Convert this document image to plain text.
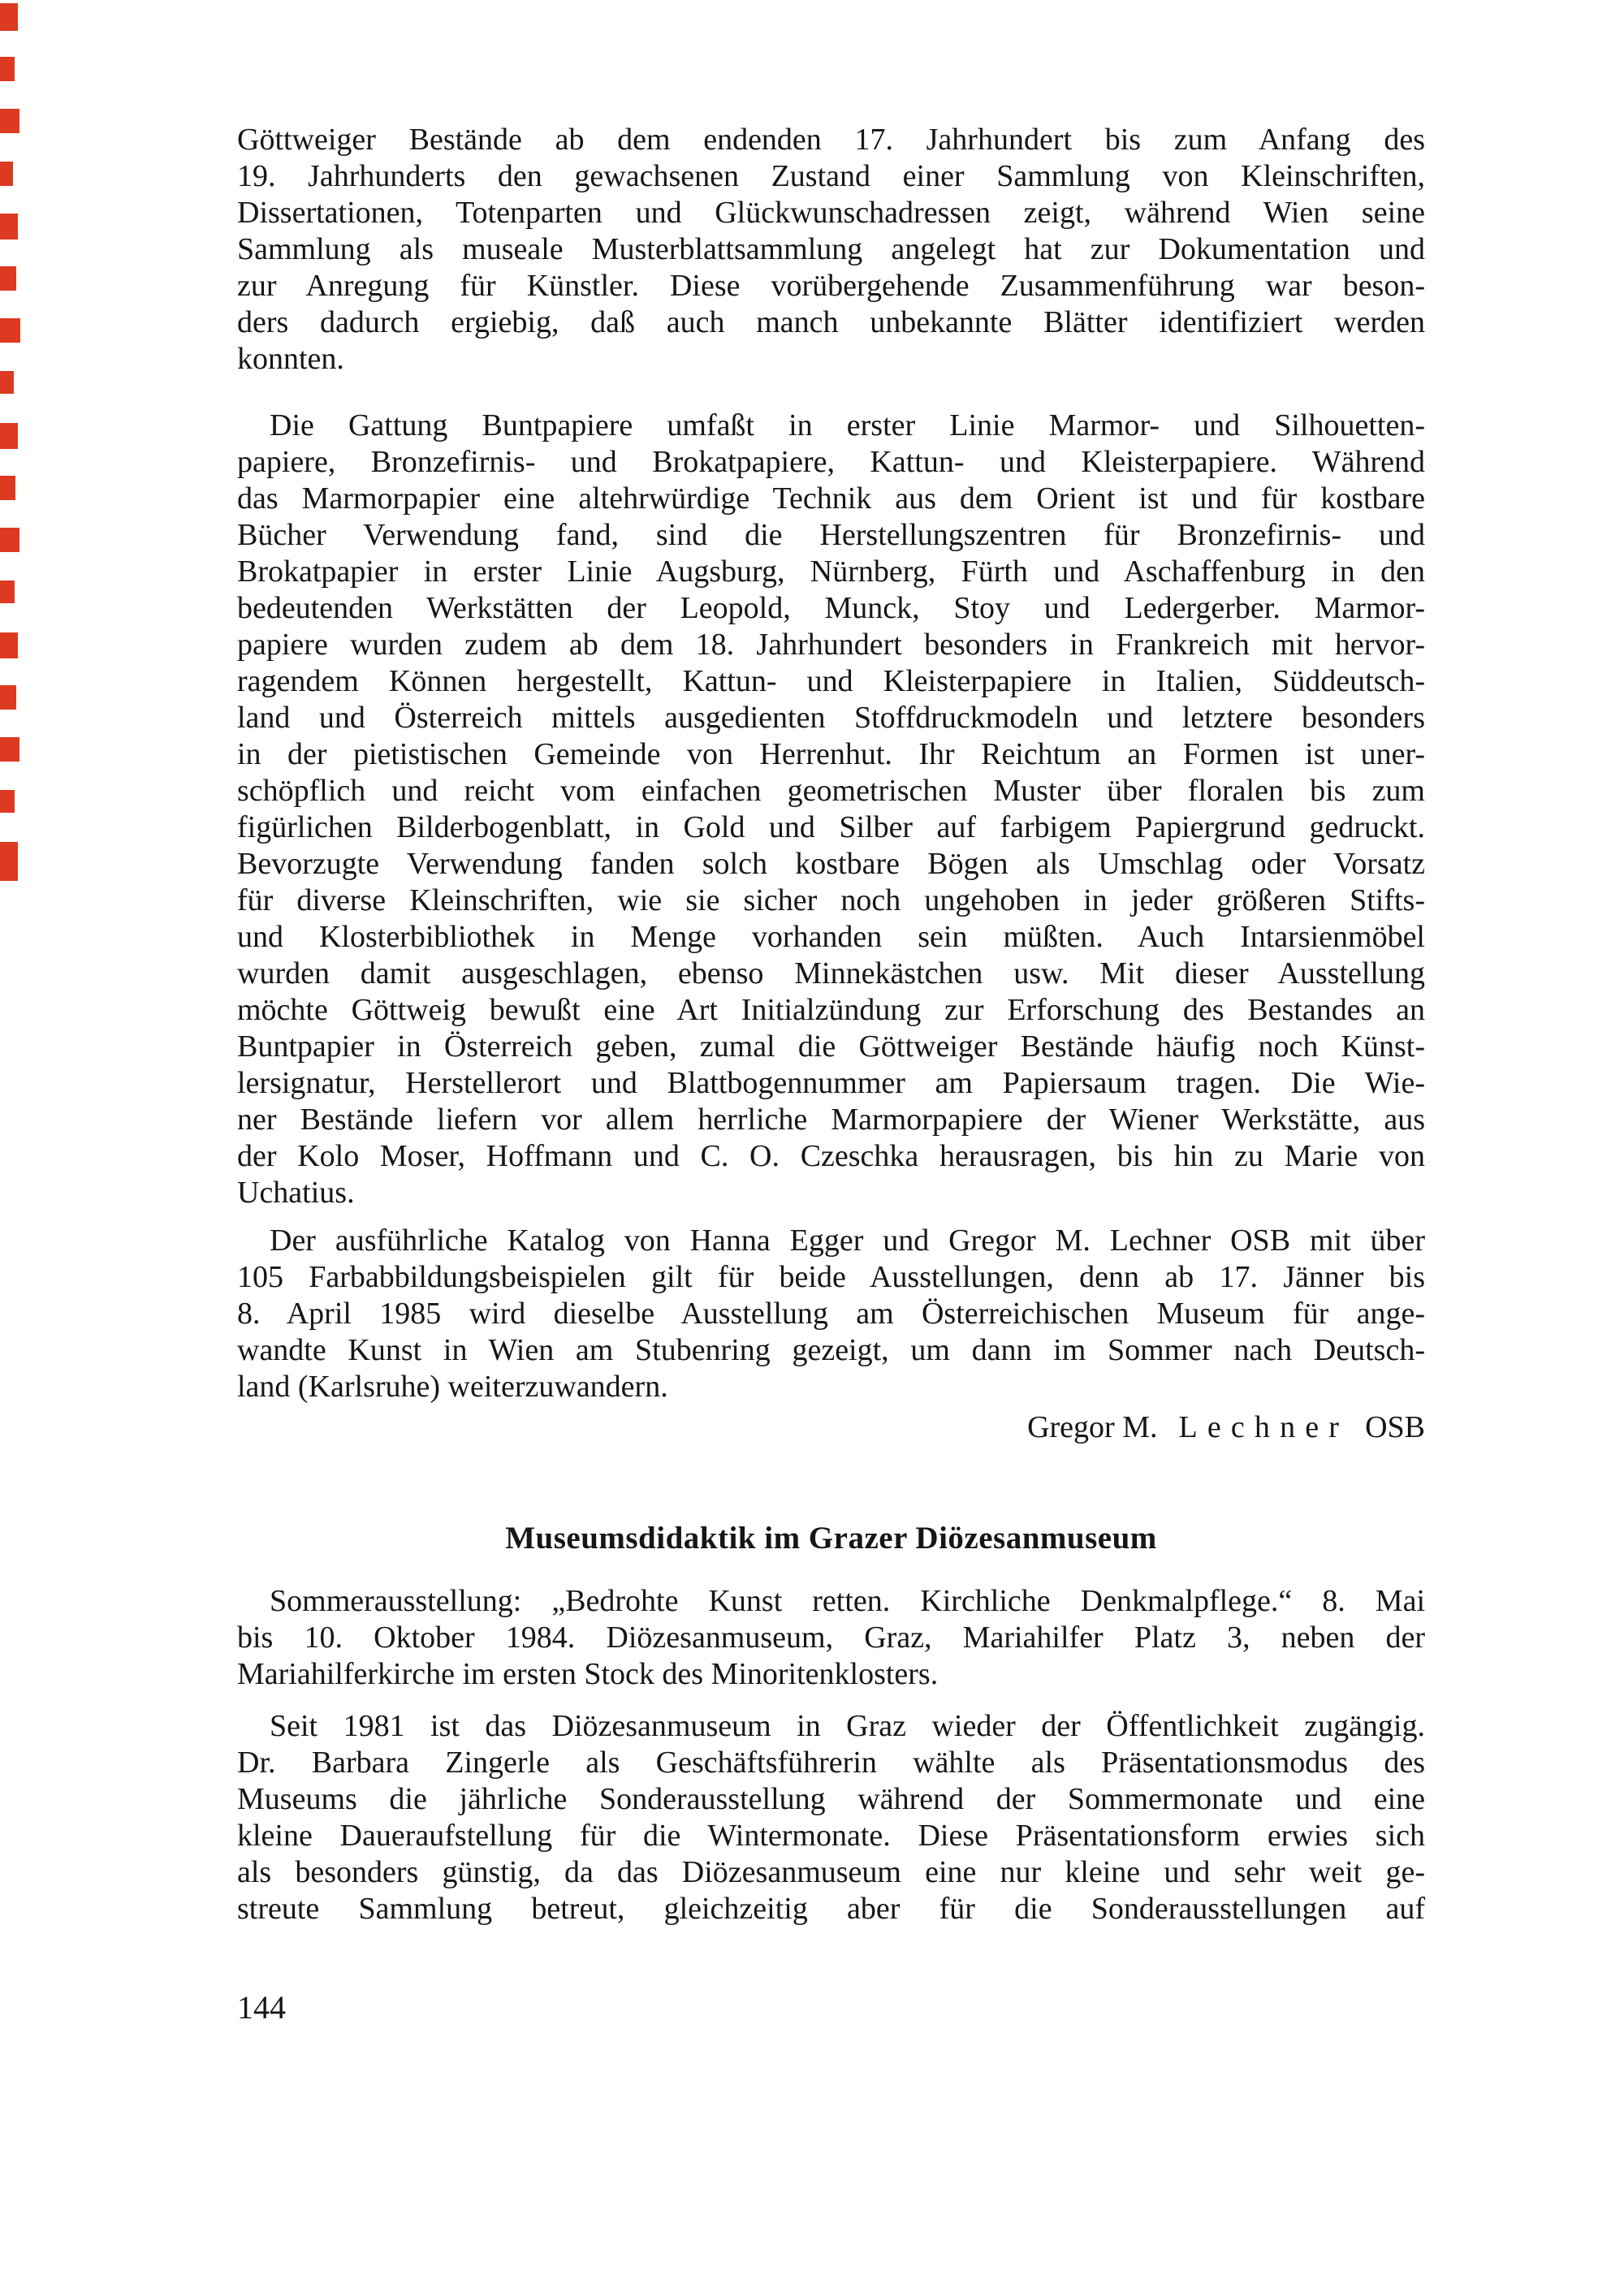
Göttweiger Bestände ab dem endenden 17. Jahrhundert bis zum Anfang des
19. Jahrhunderts den gewachsenen Zustand einer Sammlung von Kleinschriften,
Dissertationen, Totenparten und Glückwunschadressen zeigt, während Wien seine
Sammlung als museale Musterblattsammlung angelegt hat zur Dokumentation und
zur Anregung für Künstler. Diese vorübergehende Zusammenführung war beson-
ders dadurch ergiebig, daß auch manch unbekannte Blätter identifiziert werden
konnten.
Die Gattung Buntpapiere umfaßt in erster Linie Marmor- und Silhouetten-
papiere, Bronzefirnis- und Brokatpapiere, Kattun- und Kleisterpapiere. Während
das Marmorpapier eine altehrwürdige Technik aus dem Orient ist und für kostbare
Bücher Verwendung fand, sind die Herstellungszentren für Bronzefirnis- und
Brokatpapier in erster Linie Augsburg, Nürnberg, Fürth und Aschaffenburg in den
bedeutenden Werkstätten der Leopold, Munck, Stoy und Ledergerber. Marmor-
papiere wurden zudem ab dem 18. Jahrhundert besonders in Frankreich mit hervor-
ragendem Können hergestellt, Kattun- und Kleisterpapiere in Italien, Süddeutsch-
land und Österreich mittels ausgedienten Stoffdruckmodeln und letztere besonders
in der pietistischen Gemeinde von Herrenhut. Ihr Reichtum an Formen ist uner-
schöpflich und reicht vom einfachen geometrischen Muster über floralen bis zum
figürlichen Bilderbogenblatt, in Gold und Silber auf farbigem Papiergrund gedruckt.
Bevorzugte Verwendung fanden solch kostbare Bögen als Umschlag oder Vorsatz
für diverse Kleinschriften, wie sie sicher noch ungehoben in jeder größeren Stifts-
und Klosterbibliothek in Menge vorhanden sein müßten. Auch Intarsienmöbel
wurden damit ausgeschlagen, ebenso Minnekästchen usw. Mit dieser Ausstellung
möchte Göttweig bewußt eine Art Initialzündung zur Erforschung des Bestandes an
Buntpapier in Österreich geben, zumal die Göttweiger Bestände häufig noch Künst-
lersignatur, Herstellerort und Blattbogennummer am Papiersaum tragen. Die Wie-
ner Bestände liefern vor allem herrliche Marmorpapiere der Wiener Werkstätte, aus
der Kolo Moser, Hoffmann und C. O. Czeschka herausragen, bis hin zu Marie von
Uchatius.
Der ausführliche Katalog von Hanna Egger und Gregor M. Lechner OSB mit über
105 Farbabbildungsbeispielen gilt für beide Ausstellungen, denn ab 17. Jänner bis
8. April 1985 wird dieselbe Ausstellung am Österreichischen Museum für ange-
wandte Kunst in Wien am Stubenring gezeigt, um dann im Sommer nach Deutsch-
land (Karlsruhe) weiterzuwandern.
Gregor M. Lechner OSB
Museumsdidaktik im Grazer Diözesanmuseum
Sommerausstellung: „Bedrohte Kunst retten. Kirchliche Denkmalpflege.“ 8. Mai
bis 10. Oktober 1984. Diözesanmuseum, Graz, Mariahilfer Platz 3, neben der
Mariahilferkirche im ersten Stock des Minoritenklosters.
Seit 1981 ist das Diözesanmuseum in Graz wieder der Öffentlichkeit zugängig.
Dr. Barbara Zingerle als Geschäftsführerin wählte als Präsentationsmodus des
Museums die jährliche Sonderausstellung während der Sommermonate und eine
kleine Daueraufstellung für die Wintermonate. Diese Präsentationsform erwies sich
als besonders günstig, da das Diözesanmuseum eine nur kleine und sehr weit ge-
streute Sammlung betreut, gleichzeitig aber für die Sonderausstellungen auf
144
